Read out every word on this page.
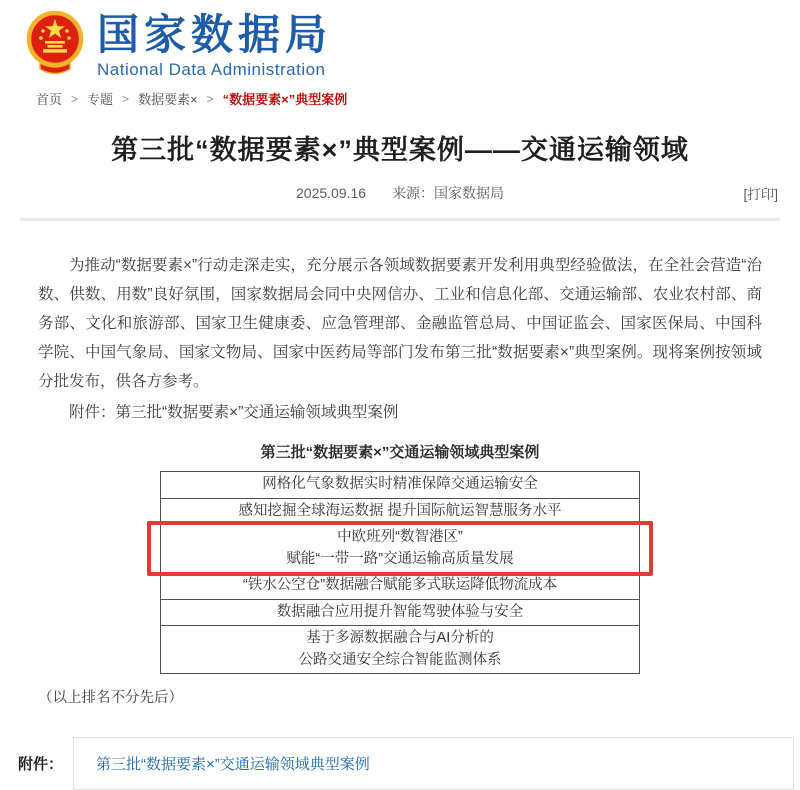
国家数据局
National Data Administration
首页 > 专题 > 数据要素× > “数据要素×”典型案例
第三批“数据要素×”典型案例——交通运输领域
2025.09.16 来源：国家数据局	[打印]

为推动“数据要素×”行动走深走实，充分展示各领域数据要素开发利用典型经验做法，在全社会营造“治数、供数、用数”良好氛围，国家数据局会同中央网信办、工业和信息化部、交通运输部、农业农村部、商务部、文化和旅游部、国家卫生健康委、应急管理部、金融监管总局、中国证监会、国家医保局、中国科学院、中国气象局、国家文物局、国家中医药局等部门发布第三批“数据要素×”典型案例。现将案例按领域分批发布，供各方参考。

附件：第三批“数据要素×”交通运输领域典型案例

第三批“数据要素×”交通运输领域典型案例
网格化气象数据实时精准保障交通运输安全
感知挖掘全球海运数据 提升国际航运智慧服务水平
中欧班列“数智港区”
赋能“一带一路”交通运输高质量发展
“铁水公空仓”数据融合赋能多式联运降低物流成本
数据融合应用提升智能驾驶体验与安全
基于多源数据融合与AI分析的
公路交通安全综合智能监测体系
（以上排名不分先后）
附件：	第三批“数据要素×”交通运输领域典型案例
